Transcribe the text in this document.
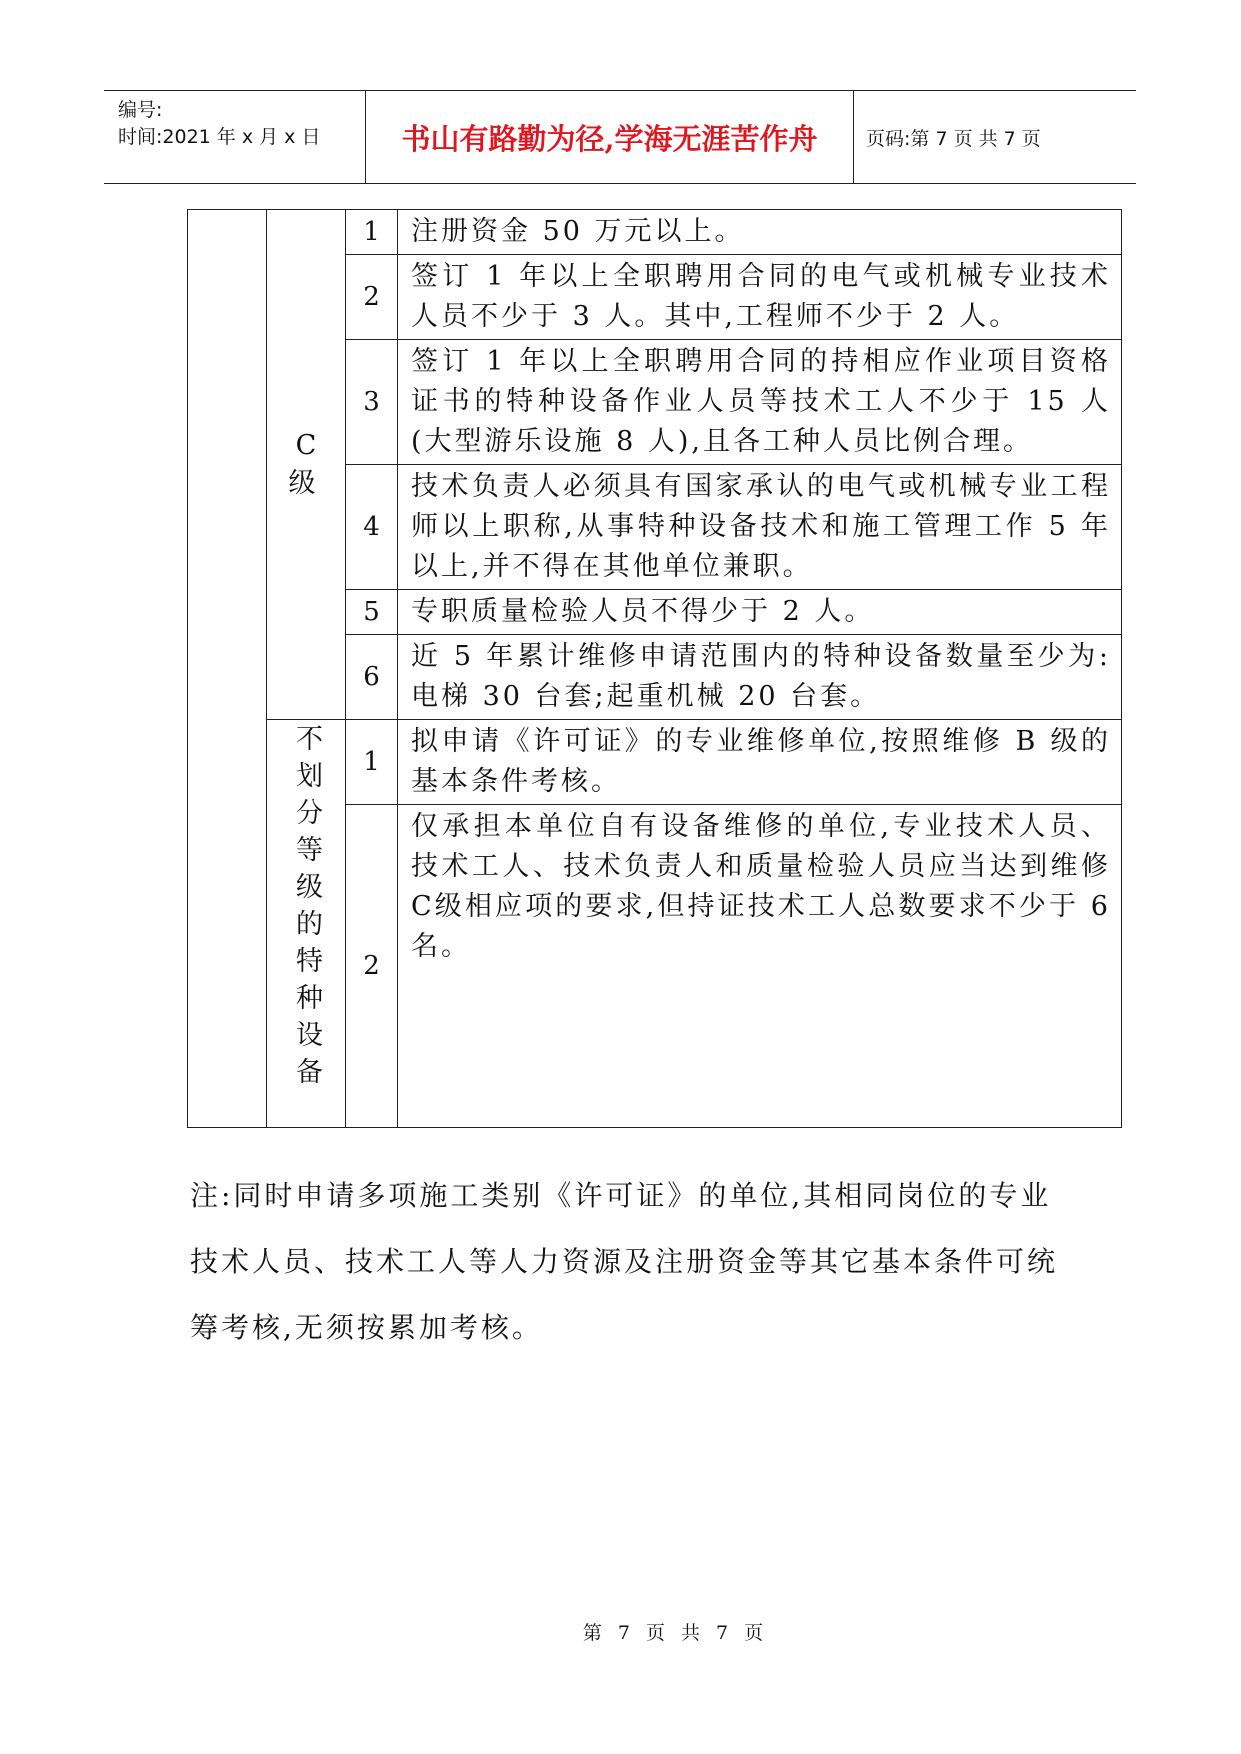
编号:
时间:2021 年 x 月 x 日	书山有路勤为径,学海无涯苦作舟	页码:第 7 页 共 7 页
	C 级	1	注册资金 50 万元以上。
		2	签订 1 年以上全职聘用合同的电气或机械专业技术人员不少于 3 人。其中,工程师不少于 2 人。
		3	签订 1 年以上全职聘用合同的持相应作业项目资格证书的特种设备作业人员等技术工人不少于 15 人(大型游乐设施 8 人),且各工种人员比例合理。
		4	技术负责人必须具有国家承认的电气或机械专业工程师以上职称,从事特种设备技术和施工管理工作 5 年以上,并不得在其他单位兼职。
		5	专职质量检验人员不得少于 2 人。
		6	近 5 年累计维修申请范围内的特种设备数量至少为:电梯 30 台套;起重机械 20 台套。
	不划分等级的特种设备	1	拟申请《许可证》的专业维修单位,按照维修 B 级的基本条件考核。
		2	仅承担本单位自有设备维修的单位,专业技术人员、技术工人、技术负责人和质量检验人员应当达到维修C级相应项的要求,但持证技术工人总数要求不少于 6 名。

注:同时申请多项施工类别《许可证》的单位,其相同岗位的专业技术人员、技术工人等人力资源及注册资金等其它基本条件可统筹考核,无须按累加考核。

第 7 页 共 7 页
